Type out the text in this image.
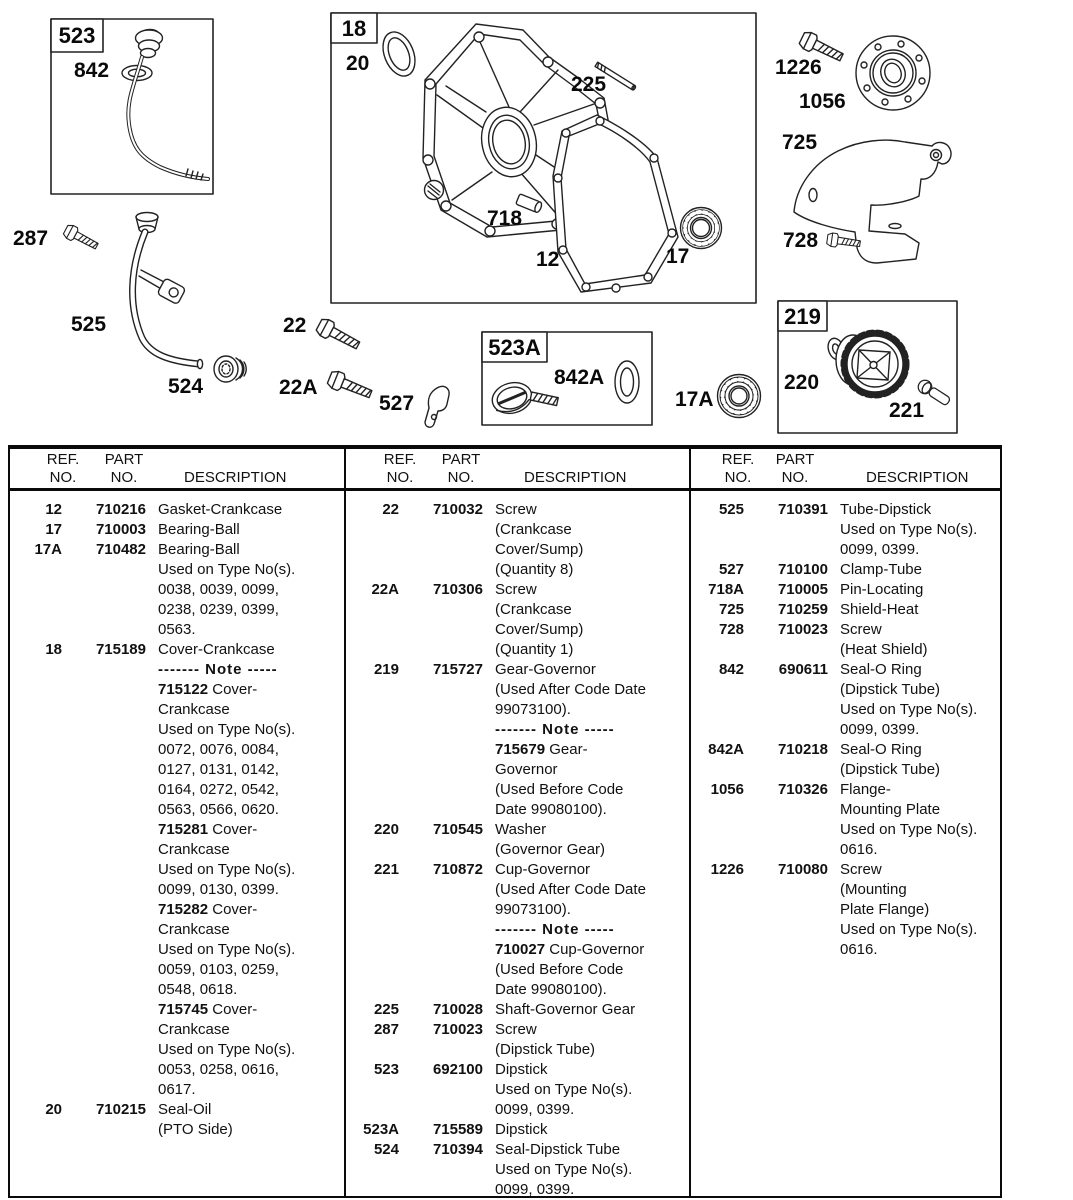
523	18
219
523A
842
287
525
524
22
22A
527
20
225
718
12	17
1226
1056
725
728
220
221
17A
842A
REF.
NO.
PART
NO.	DESCRIPTION
REF.
NO.
PART
NO.	DESCRIPTION
REF.
NO.
PART
NO.	DESCRIPTION
12	710216 Gasket-Crankcase
17	710003 Bearing-Ball
17A	710482 Bearing-Ball
Used on Type No(s).
0038, 0039, 0099,
0238, 0239, 0399,
0563.
18	715189 Cover-Crankcase
------- Note -----
715122 Cover-
Crankcase
Used on Type No(s).
0072, 0076, 0084,
0127, 0131, 0142,
0164, 0272, 0542,
0563, 0566, 0620.
715281 Cover-
Crankcase
Used on Type No(s).
0099, 0130, 0399.
715282 Cover-
Crankcase
Used on Type No(s).
0059, 0103, 0259,
0548, 0618.
715745 Cover-
Crankcase
Used on Type No(s).
0053, 0258, 0616,
0617.
20	710215 Seal-Oil
(PTO Side)
22	710032 Screw
(Crankcase
Cover/Sump)
(Quantity 8)
22A	710306 Screw
(Crankcase
Cover/Sump)
(Quantity 1)
219	715727 Gear-Governor
(Used After Code Date
99073100).
------- Note -----
715679 Gear-
Governor
(Used Before Code
Date 99080100).
220	710545 Washer
(Governor Gear)
221	710872 Cup-Governor
(Used After Code Date
99073100).
------- Note -----
710027 Cup-Governor
(Used Before Code
Date 99080100).
225	710028 Shaft-Governor Gear
287	710023 Screw
(Dipstick Tube)
523	692100 Dipstick
Used on Type No(s).
0099, 0399.
523A	715589 Dipstick
524	710394 Seal-Dipstick Tube
Used on Type No(s).
0099, 0399.
525	710391 Tube-Dipstick
Used on Type No(s).
0099, 0399.
527	710100 Clamp-Tube
718A	710005 Pin-Locating
725	710259 Shield-Heat
728	710023 Screw
(Heat Shield)
842	690611 Seal-O Ring
(Dipstick Tube)
Used on Type No(s).
0099, 0399.
842A	710218 Seal-O Ring
(Dipstick Tube)
1056	710326 Flange-
Mounting Plate
Used on Type No(s).
0616.
1226	710080 Screw
(Mounting
Plate Flange)
Used on Type No(s).
0616.
